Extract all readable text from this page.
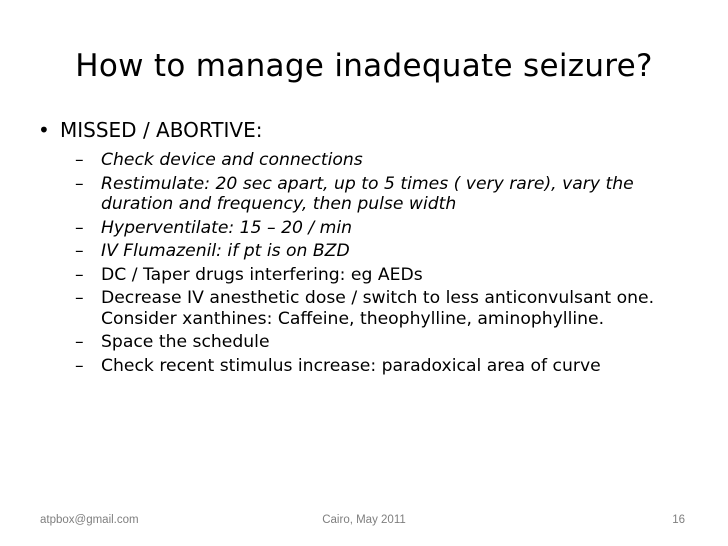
How to manage inadequate seizure?
• MISSED / ABORTIVE:
– Check device and connections
– Restimulate: 20 sec apart, up to 5 times ( very rare), vary the duration and frequency, then pulse width
– Hyperventilate: 15 – 20 / min
– IV Flumazenil: if pt is on BZD
– DC / Taper drugs interfering: eg AEDs
– Decrease IV anesthetic dose / switch to less anticonvulsant one. Consider xanthines: Caffeine, theophylline, aminophylline.
– Space the schedule
– Check recent stimulus increase: paradoxical area of curve
atpbox@gmail.com	Cairo, May 2011	16
